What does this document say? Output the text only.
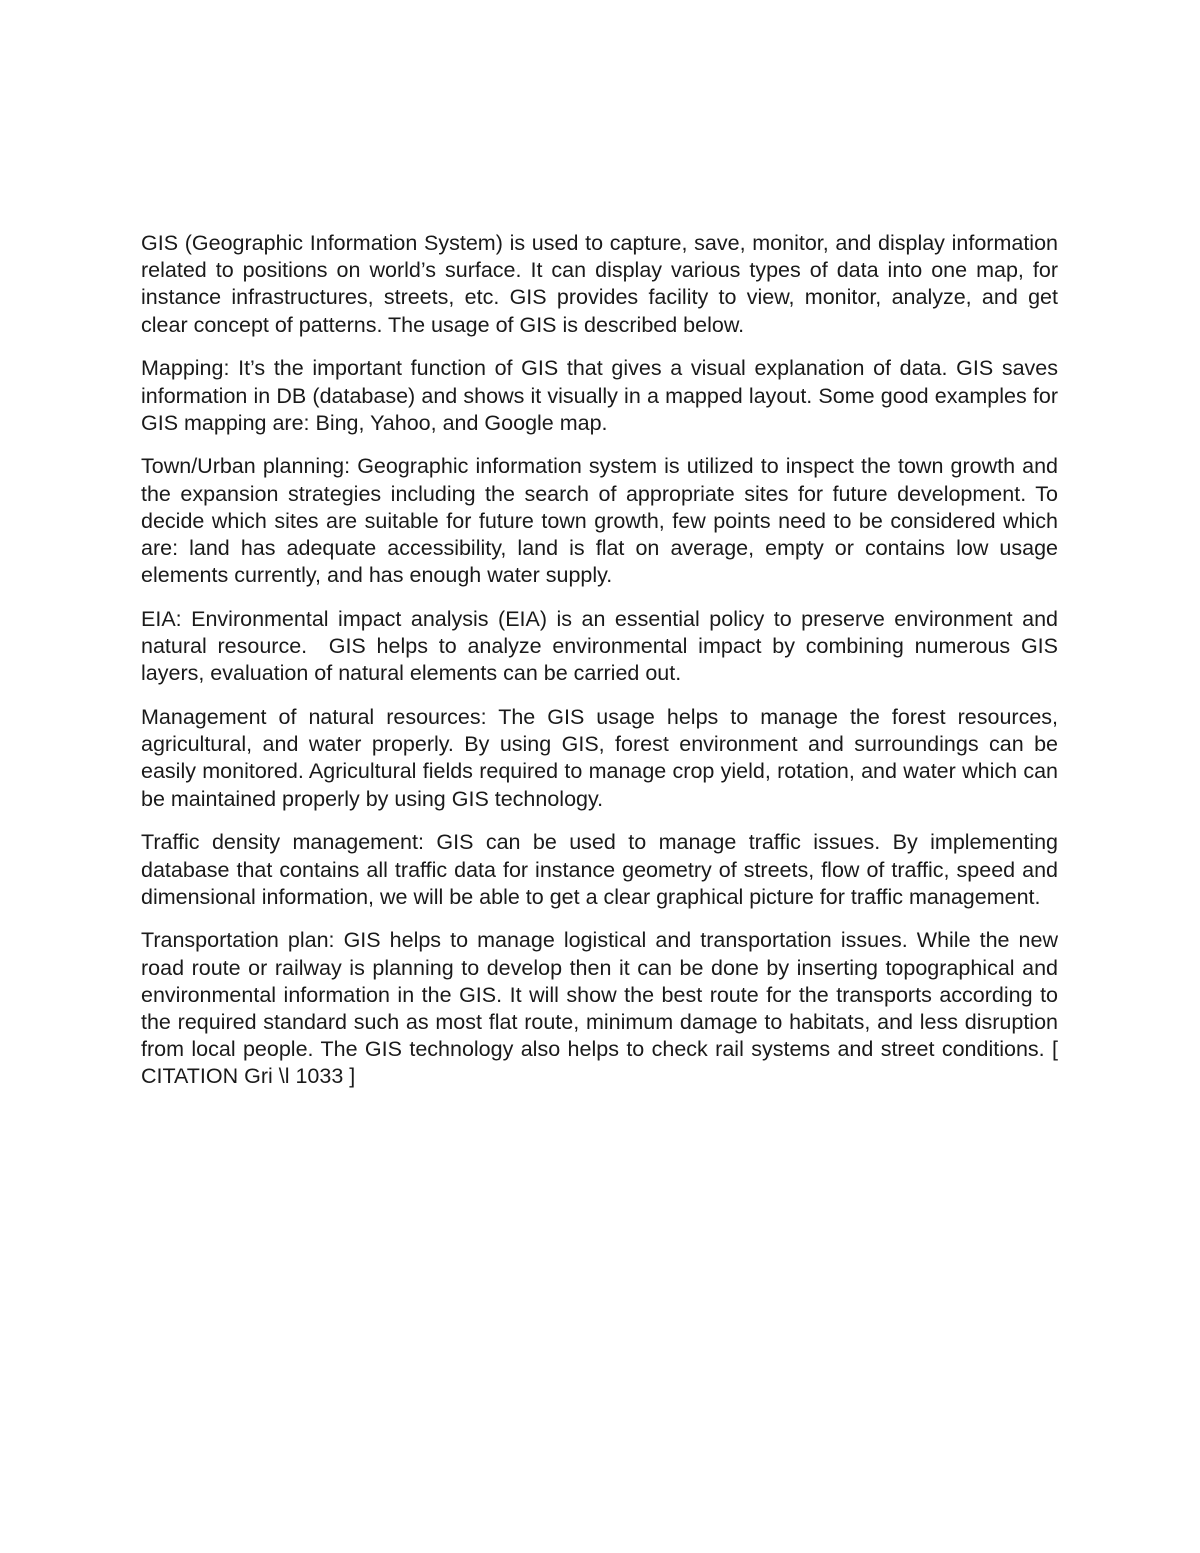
GIS (Geographic Information System) is used to capture, save, monitor, and display information related to positions on world’s surface. It can display various types of data into one map, for instance infrastructures, streets, etc. GIS provides facility to view, monitor, analyze, and get clear concept of patterns. The usage of GIS is described below.

Mapping: It’s the important function of GIS that gives a visual explanation of data. GIS saves information in DB (database) and shows it visually in a mapped layout. Some good examples for GIS mapping are: Bing, Yahoo, and Google map.

Town/Urban planning: Geographic information system is utilized to inspect the town growth and the expansion strategies including the search of appropriate sites for future development. To decide which sites are suitable for future town growth, few points need to be considered which are: land has adequate accessibility, land is flat on average, empty or contains low usage elements currently, and has enough water supply.

EIA: Environmental impact analysis (EIA) is an essential policy to preserve environment and natural resource.  GIS helps to analyze environmental impact by combining numerous GIS layers, evaluation of natural elements can be carried out.

Management of natural resources: The GIS usage helps to manage the forest resources, agricultural, and water properly. By using GIS, forest environment and surroundings can be easily monitored. Agricultural fields required to manage crop yield, rotation, and water which can be maintained properly by using GIS technology.

Traffic density management: GIS can be used to manage traffic issues. By implementing database that contains all traffic data for instance geometry of streets, flow of traffic, speed and dimensional information, we will be able to get a clear graphical picture for traffic management.

Transportation plan: GIS helps to manage logistical and transportation issues. While the new road route or railway is planning to develop then it can be done by inserting topographical and environmental information in the GIS. It will show the best route for the transports according to the required standard such as most flat route, minimum damage to habitats, and less disruption from local people. The GIS technology also helps to check rail systems and street conditions. [ CITATION Gri \l 1033 ]
